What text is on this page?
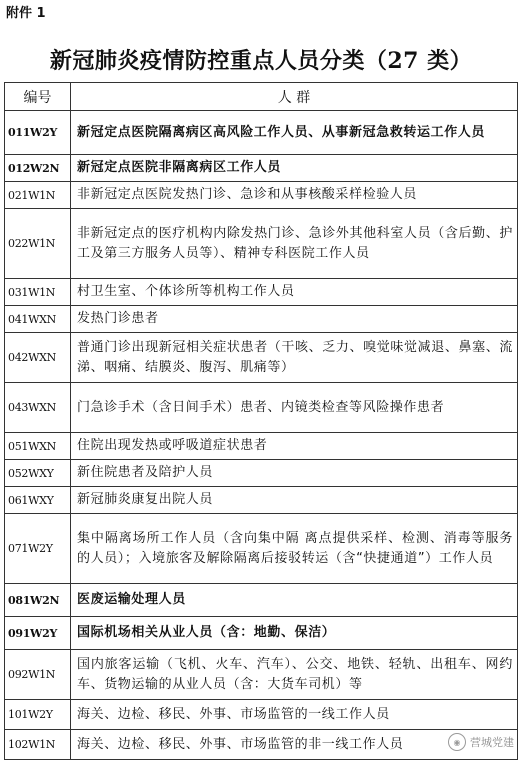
附件 1
新冠肺炎疫情防控重点人员分类（27 类）
编号	人 群
011W2Y	新冠定点医院隔离病区高风险工作人员、从事新冠急救转运工作人员
012W2N	新冠定点医院非隔离病区工作人员
021W1N	非新冠定点医院发热门诊、急诊和从事核酸采样检验人员
022W1N	非新冠定点的医疗机构内除发热门诊、急诊外其他科室人员（含后勤、护工及第三方服务人员等）、精神专科医院工作人员
031W1N	村卫生室、个体诊所等机构工作人员
041WXN	发热门诊患者
042WXN	普通门诊出现新冠相关症状患者（干咳、乏力、嗅觉味觉减退、鼻塞、流涕、咽痛、结膜炎、腹泻、肌痛等）
043WXN	门急诊手术（含日间手术）患者、内镜类检查等风险操作患者
051WXN	住院出现发热或呼吸道症状患者
052WXY	新住院患者及陪护人员
061WXY	新冠肺炎康复出院人员
071W2Y	集中隔离场所工作人员（含向集中隔 离点提供采样、检测、消毒等服务的人员）；入境旅客及解除隔离后接驳转运（含“快捷通道”）工作人员
081W2N	医废运输处理人员
091W2Y	国际机场相关从业人员（含：地勤、保洁）
092W1N	国内旅客运输（飞机、火车、汽车）、公交、地铁、轻轨、出租车、网约车、货物运输的从业人员（含：大货车司机）等
101W2Y	海关、边检、移民、外事、市场监管的一线工作人员
102W1N	海关、边检、移民、外事、市场监管的非一线工作人员	◉ 营城党建
